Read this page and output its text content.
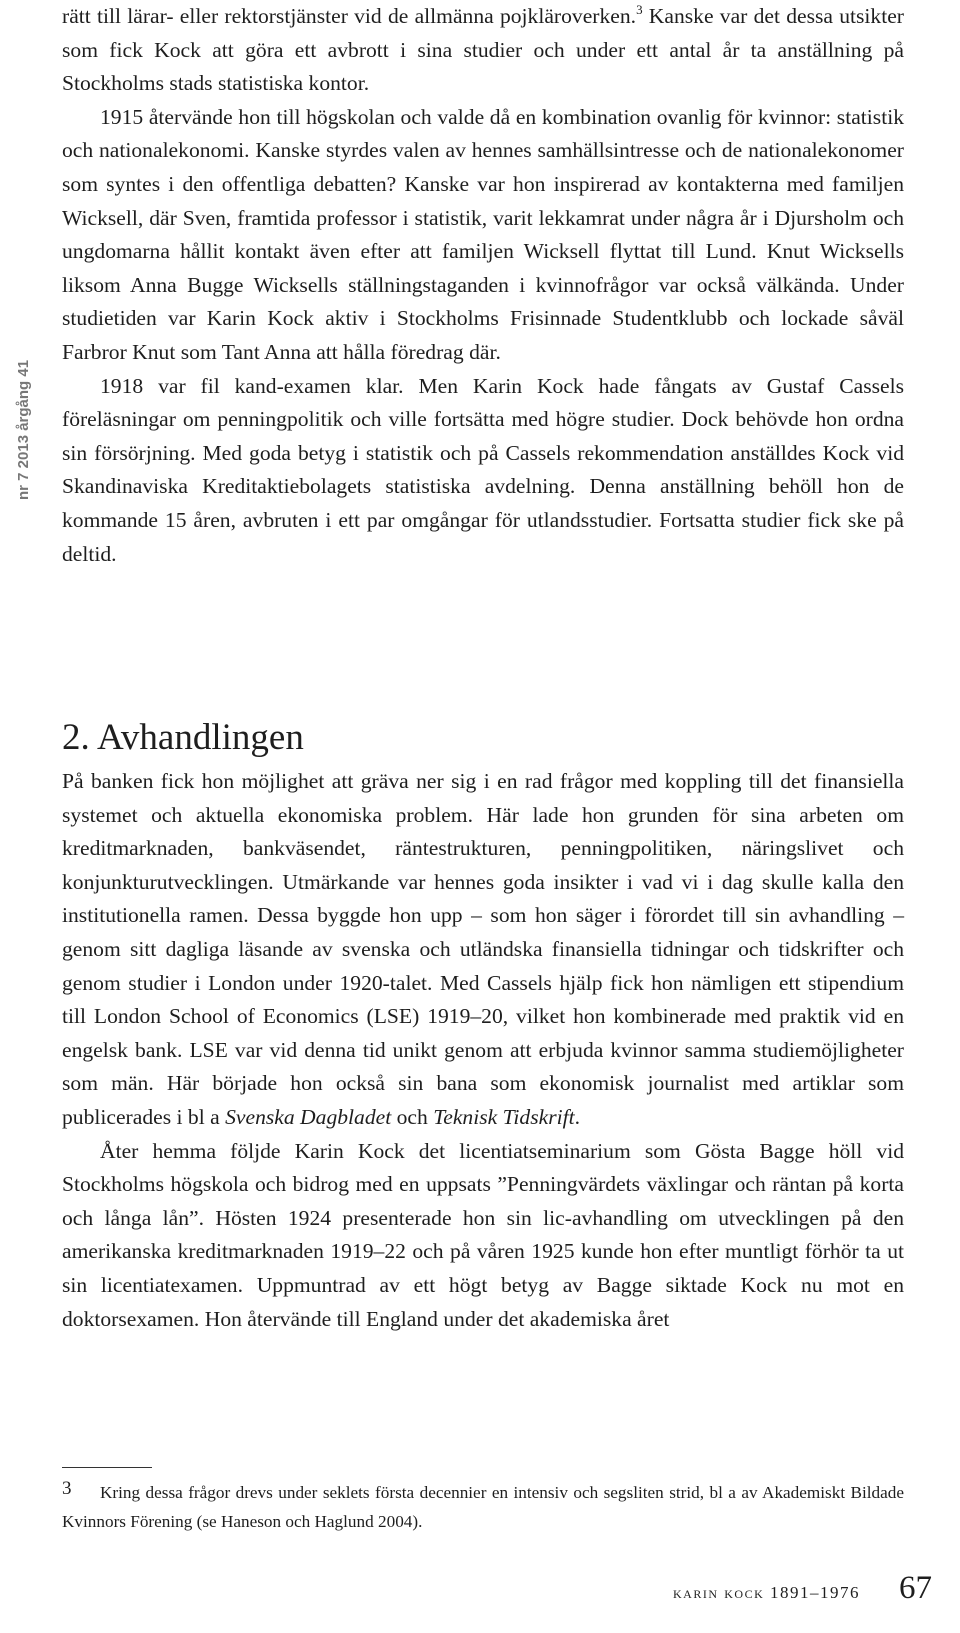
nr 7 2013 årgång 41

rätt till lärar- eller rektorstjänster vid de allmänna pojkläroverken.$^3$ Kanske var det dessa utsikter som fick Kock att göra ett avbrott i sina studier och under ett antal år ta anställning på Stockholms stads statistiska kontor.

1915 återvände hon till högskolan och valde då en kombination ovanlig för kvinnor: statistik och nationalekonomi. Kanske styrdes valen av hennes samhällsintresse och de nationalekonomer som syntes i den offentliga debatten? Kanske var hon inspirerad av kontakterna med familjen Wicksell, där Sven, framtida professor i statistik, varit lekkamrat under några år i Djursholm och ungdomarna hållit kontakt även efter att familjen Wicksell flyttat till Lund. Knut Wicksells liksom Anna Bugge Wicksells ställningstaganden i kvinnofrågor var också välkända. Under studietiden var Karin Kock aktiv i Stockholms Frisinnade Studentklubb och lockade såväl Farbror Knut som Tant Anna att hålla föredrag där.

1918 var fil kand-examen klar. Men Karin Kock hade fångats av Gustaf Cassels föreläsningar om penningpolitik och ville fortsätta med högre studier. Dock behövde hon ordna sin försörjning. Med goda betyg i statistik och på Cassels rekommendation anställdes Kock vid Skandinaviska Kreditaktiebolagets statistiska avdelning. Denna anställning behöll hon de kommande 15 åren, avbruten i ett par omgångar för utlandsstudier. Fortsatta studier fick ske på deltid.

2. Avhandlingen

På banken fick hon möjlighet att gräva ner sig i en rad frågor med koppling till det finansiella systemet och aktuella ekonomiska problem. Här lade hon grunden för sina arbeten om kreditmarknaden, bankväsendet, räntestrukturen, penningpolitiken, näringslivet och konjunkturutvecklingen. Utmärkande var hennes goda insikter i vad vi i dag skulle kalla den institutionella ramen. Dessa byggde hon upp – som hon säger i förordet till sin avhandling – genom sitt dagliga läsande av svenska och utländska finansiella tidningar och tidskrifter och genom studier i London under 1920-talet. Med Cassels hjälp fick hon nämligen ett stipendium till London School of Economics (LSE) 1919–20, vilket hon kombinerade med praktik vid en engelsk bank. LSE var vid denna tid unikt genom att erbjuda kvinnor samma studiemöjligheter som män. Här började hon också sin bana som ekonomisk journalist med artiklar som publicerades i bl a Svenska Dagbladet och Teknisk Tidskrift.

Åter hemma följde Karin Kock det licentiatseminarium som Gösta Bagge höll vid Stockholms högskola och bidrog med en uppsats ”Penningvärdets växlingar och räntan på korta och långa lån”. Hösten 1924 presenterade hon sin lic-avhandling om utvecklingen på den amerikanska kreditmarknaden 1919–22 och på våren 1925 kunde hon efter muntligt förhör ta ut sin licentiatexamen. Uppmuntrad av ett högt betyg av Bagge siktade Kock nu mot en doktorsexamen. Hon återvände till England under det akademiska året

3 Kring dessa frågor drevs under seklets första decennier en intensiv och segsliten strid, bl a av Akademiskt Bildade Kvinnors Förening (se Haneson och Haglund 2004).

karin kock 1891–1976	67
